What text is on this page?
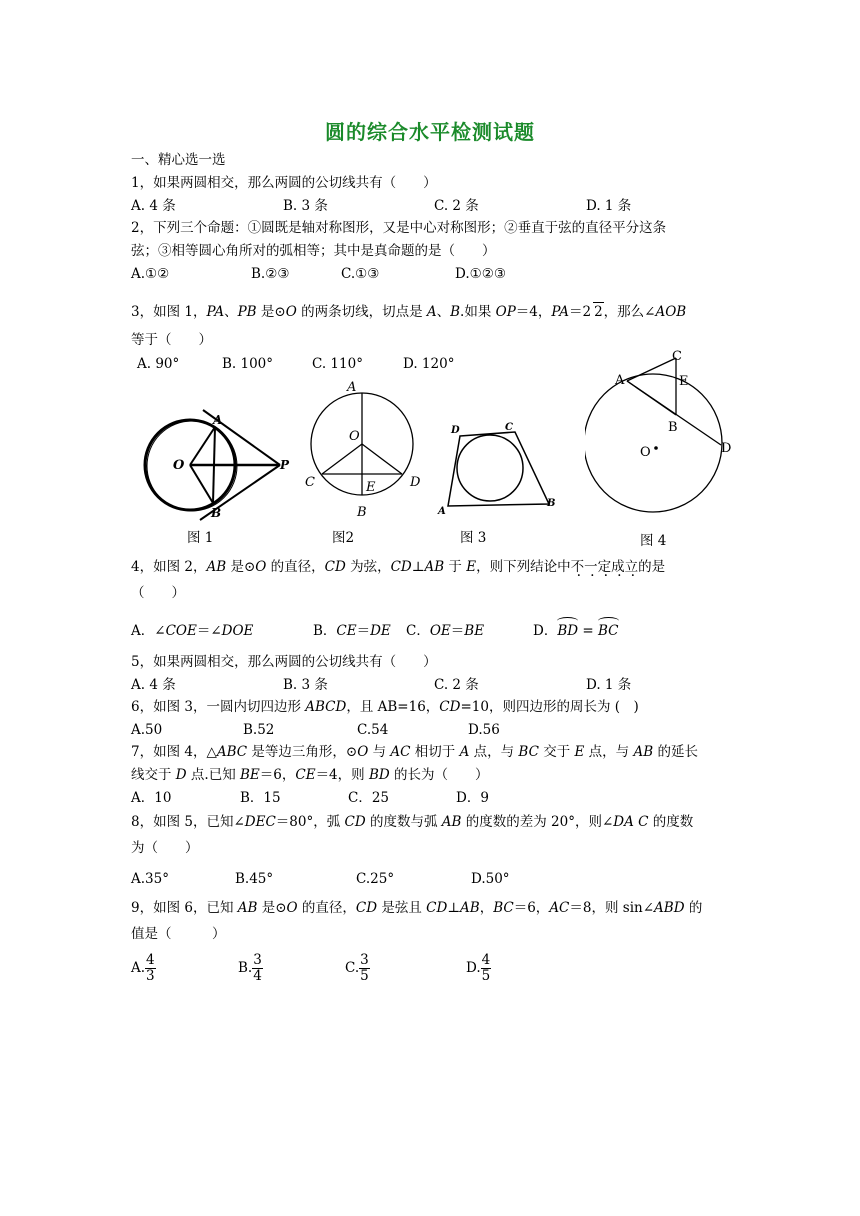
圆的综合水平检测试题
一、精心选一选
1，如果两圆相交，那么两圆的公切线共有（　　）
A. 4 条	B. 3 条	C. 2 条	D. 1 条
2，下列三个命题：①圆既是轴对称图形，又是中心对称图形；②垂直于弦的直径平分这条
弦；③相等圆心角所对的弧相等；其中是真命题的是（　　）
A.①②	B.②③	C.①③	D.①②③
3，如图 1，PA、PB 是⊙O 的两条切线，切点是 A、B.如果 OP＝4，PA＝2 2，那么∠AOB
等于（　　）
A. 90°	B. 100°	C. 110°	D. 120°
O
A
B
P
A
O
C	E	D
B
D	C
A
B
C
A	E
B
O	D
图 1	图2	图 3	图 4
4，如图 2，AB 是⊙O 的直径，CD 为弦，CD⊥AB 于 E，则下列结论中不一定成立的是
（　　）
A．∠COE＝∠DOE	B．CE＝DE C．OE＝BE	D．BD = BC
5，如果两圆相交，那么两圆的公切线共有（　　）
A. 4 条	B. 3 条	C. 2 条	D. 1 条
6，如图 3，一圆内切四边形 ABCD，且 AB=16，CD=10，则四边形的周长为 (　)
A.50	B.52	C.54	D.56
7，如图 4，△ABC 是等边三角形，⊙O 与 AC 相切于 A 点，与 BC 交于 E 点，与 AB 的延长
线交于 D 点.已知 BE＝6，CE＝4，则 BD 的长为（　　）
A．10	B．15	C．25	D．9
8，如图 5，已知∠DEC＝80°，弧 CD 的度数与弧 AB 的度数的差为 20°，则∠DA C 的度数
为（　　）
A.35°	B.45°	C.25°	D.50°
9，如图 6，已知 AB 是⊙O 的直径，CD 是弦且 CD⊥AB，BC＝6，AC＝8，则 sin∠ABD 的
值是（　　　）
A. $\frac{4}{3}$	B. $\frac{3}{4}$	C. $\frac{3}{5}$	D. $\frac{4}{5}$
